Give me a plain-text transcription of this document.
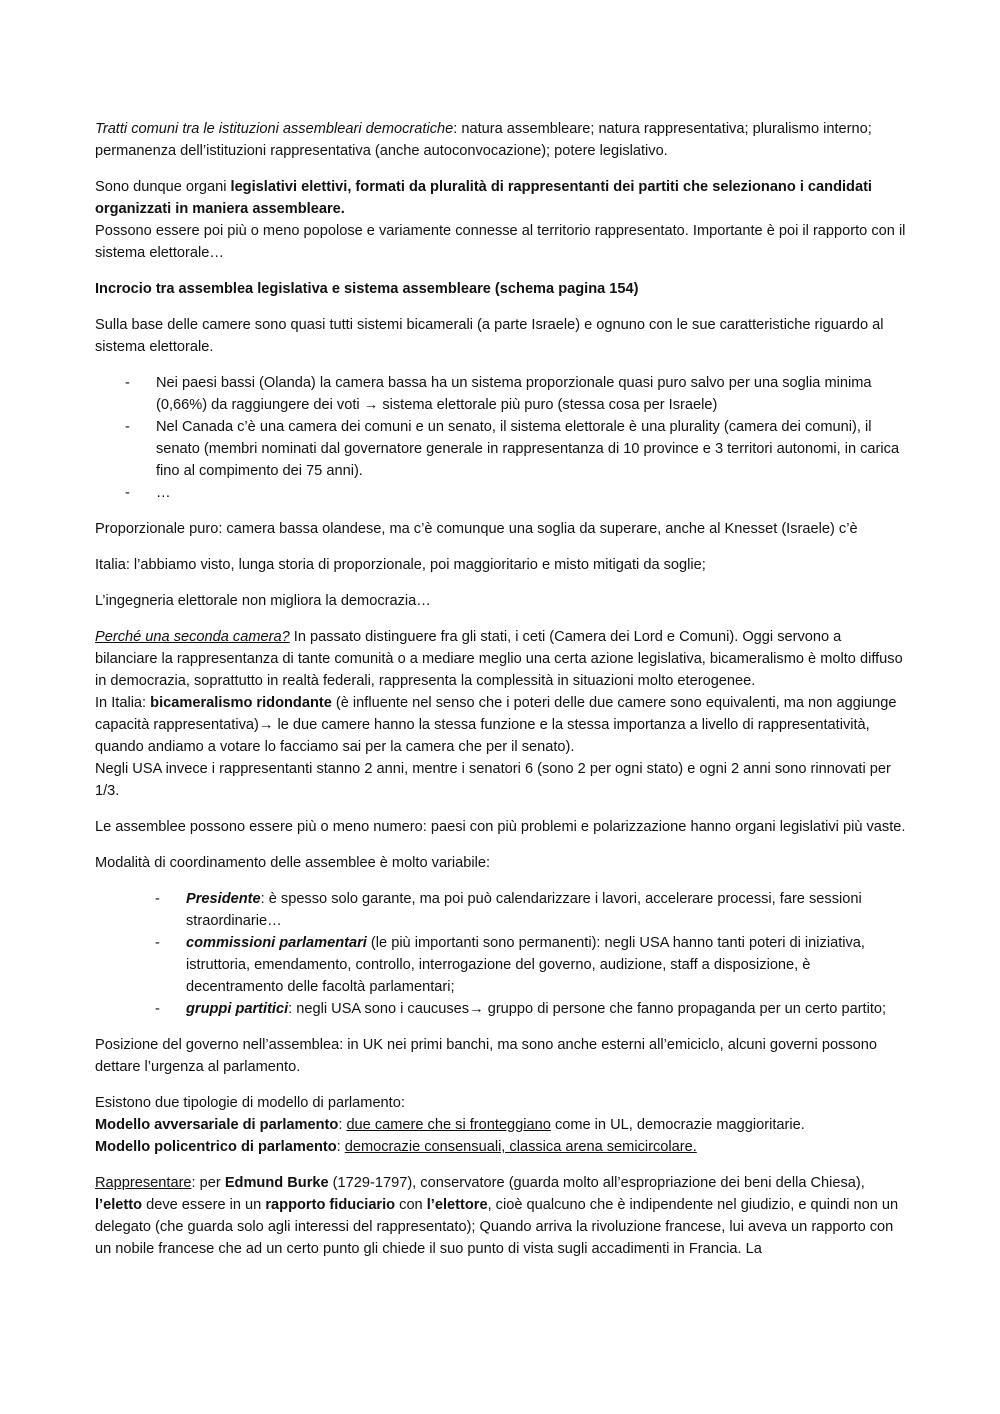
Tratti comuni tra le istituzioni assembleari democratiche: natura assembleare; natura rappresentativa; pluralismo interno; permanenza dell’istituzioni rappresentativa (anche autoconvocazione); potere legislativo.

Sono dunque organi legislativi elettivi, formati da pluralità di rappresentanti dei partiti che selezionano i candidati organizzati in maniera assembleare.
Possono essere poi più o meno popolose e variamente connesse al territorio rappresentato. Importante è poi il rapporto con il sistema elettorale…

Incrocio tra assemblea legislativa e sistema assembleare (schema pagina 154)

Sulla base delle camere sono quasi tutti sistemi bicamerali (a parte Israele) e ognuno con le sue caratteristiche riguardo al sistema elettorale.

- Nei paesi bassi (Olanda) la camera bassa ha un sistema proporzionale quasi puro salvo per una soglia minima (0,66%) da raggiungere dei voti → sistema elettorale più puro (stessa cosa per Israele)
- Nel Canada c’è una camera dei comuni e un senato, il sistema elettorale è una plurality (camera dei comuni), il senato (membri nominati dal governatore generale in rappresentanza di 10 province e 3 territori autonomi, in carica fino al compimento dei 75 anni).
- …

Proporzionale puro: camera bassa olandese, ma c’è comunque una soglia da superare, anche al Knesset (Israele) c’è

Italia: l’abbiamo visto, lunga storia di proporzionale, poi maggioritario e misto mitigati da soglie;

L’ingegneria elettorale non migliora la democrazia…

Perché una seconda camera? In passato distinguere fra gli stati, i ceti (Camera dei Lord e Comuni). Oggi servono a bilanciare la rappresentanza di tante comunità o a mediare meglio una certa azione legislativa, bicameralismo è molto diffuso in democrazia, soprattutto in realtà federali, rappresenta la complessità in situazioni molto eterogenee.
In Italia: bicameralismo ridondante (è influente nel senso che i poteri delle due camere sono equivalenti, ma non aggiunge capacità rappresentativa)→ le due camere hanno la stessa funzione e la stessa importanza a livello di rappresentatività, quando andiamo a votare lo facciamo sai per la camera che per il senato).
Negli USA invece i rappresentanti stanno 2 anni, mentre i senatori 6 (sono 2 per ogni stato) e ogni 2 anni sono rinnovati per 1/3.

Le assemblee possono essere più o meno numero: paesi con più problemi e polarizzazione hanno organi legislativi più vaste.

Modalità di coordinamento delle assemblee è molto variabile:

- Presidente: è spesso solo garante, ma poi può calendarizzare i lavori, accelerare processi, fare sessioni straordinarie…
- commissioni parlamentari (le più importanti sono permanenti): negli USA hanno tanti poteri di iniziativa, istruttoria, emendamento, controllo, interrogazione del governo, audizione, staff a disposizione, è decentramento delle facoltà parlamentari;
- gruppi partitici: negli USA sono i caucuses→ gruppo di persone che fanno propaganda per un certo partito;

Posizione del governo nell’assemblea: in UK nei primi banchi, ma sono anche esterni all’emiciclo, alcuni governi possono dettare l’urgenza al parlamento.

Esistono due tipologie di modello di parlamento:
Modello avversariale di parlamento: due camere che si fronteggiano come in UL, democrazie maggioritarie.
Modello policentrico di parlamento: democrazie consensuali, classica arena semicircolare.

Rappresentare: per Edmund Burke (1729-1797), conservatore (guarda molto all’espropriazione dei beni della Chiesa), l’eletto deve essere in un rapporto fiduciario con l’elettore, cioè qualcuno che è indipendente nel giudizio, e quindi non un delegato (che guarda solo agli interessi del rappresentato); Quando arriva la rivoluzione francese, lui aveva un rapporto con un nobile francese che ad un certo punto gli chiede il suo punto di vista sugli accadimenti in Francia. La
